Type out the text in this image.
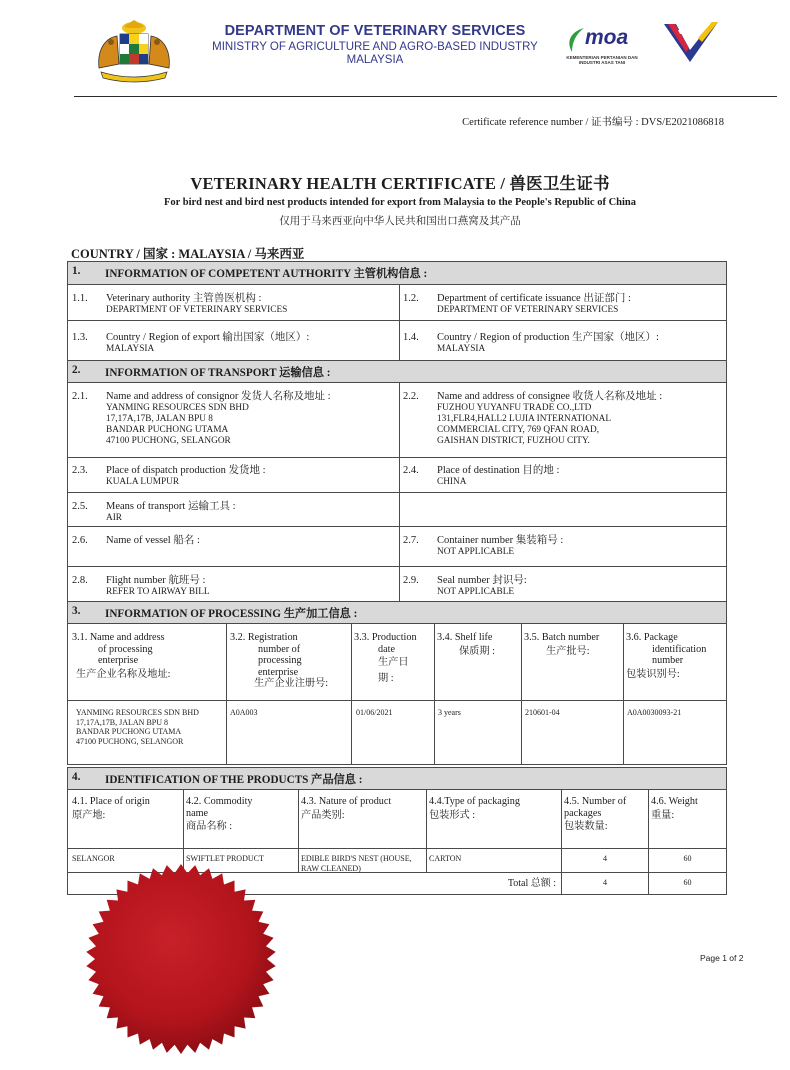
DEPARTMENT OF VETERINARY SERVICES
MINISTRY OF AGRICULTURE AND AGRO-BASED INDUSTRY
MALAYSIA
moa
KEMENTERIAN PERTANIAN DAN INDUSTRI ASAS TANI
Certificate reference number / 证书编号 : DVS/E2021086818
VETERINARY HEALTH CERTIFICATE / 兽医卫生证书
For bird nest and bird nest products intended for export from Malaysia to the People's Republic of China
仅用于马来西亚向中华人民共和国出口燕窝及其产品
COUNTRY / 国家 : MALAYSIA / 马来西亚
1. INFORMATION OF COMPETENT AUTHORITY 主管机构信息 :
1.1. Veterinary authority 主管兽医机构 :
DEPARTMENT OF VETERINARY SERVICES
1.2. Department of certificate issuance 出证部门 :
DEPARTMENT OF VETERINARY SERVICES
1.3. Country / Region of export 输出国家（地区）:
MALAYSIA
1.4. Country / Region of production 生产国家（地区）:
MALAYSIA
2. INFORMATION OF TRANSPORT 运输信息 :
2.1. Name and address of consignor 发货人名称及地址 :
YANMING RESOURCES SDN BHD
17,17A,17B, JALAN BPU 8
BANDAR PUCHONG UTAMA
47100 PUCHONG, SELANGOR
2.2. Name and address of consignee 收货人名称及地址 :
FUZHOU YUYANFU TRADE CO.,LTD
131,FLR4,HALL2 LUJIA INTERNATIONAL
COMMERCIAL CITY, 769 QFAN ROAD,
GAISHAN DISTRICT, FUZHOU CITY.
2.3. Place of dispatch production 发货地 :
KUALA LUMPUR
2.4. Place of destination 目的地 :
CHINA
2.5. Means of transport 运输工具 :
AIR
2.6. Name of vessel 船名 :	2.7. Container number 集装箱号 :
NOT APPLICABLE
2.8. Flight number 航班号 :
REFER TO AIRWAY BILL
2.9. Seal number 封识号:
NOT APPLICABLE
3. INFORMATION OF PROCESSING 生产加工信息 :
3.1. Name and address
of processing
enterprise
生产企业名称及地址:
3.2. Registration
number of
processing
enterprise
生产企业注册号:
3.3. Production
date
生产日
期 :
3.4. Shelf life
保质期 :
3.5. Batch number
生产批号:
3.6. Package
identification
number
包装识别号:
YANMING RESOURCES SDN BHD
17,17A,17B, JALAN BPU 8
BANDAR PUCHONG UTAMA
47100 PUCHONG, SELANGOR
A0A003	01/06/2021	3 years	210601-04	A0A0030093-21
4. IDENTIFICATION OF THE PRODUCTS 产品信息 :
4.1. Place of origin
原产地:
4.2. Commodity
name
商品名称 :
4.3. Nature of product
产品类别:
4.4.Type of packaging
包装形式 :
4.5. Number of
packages
包装数量:
4.6. Weight
重量:
SELANGOR	SWIFTLET PRODUCT	EDIBLE BIRD'S NEST (HOUSE,
RAW CLEANED)
CARTON	4	60
Total 总额 :	4	60
Page 1 of 2
